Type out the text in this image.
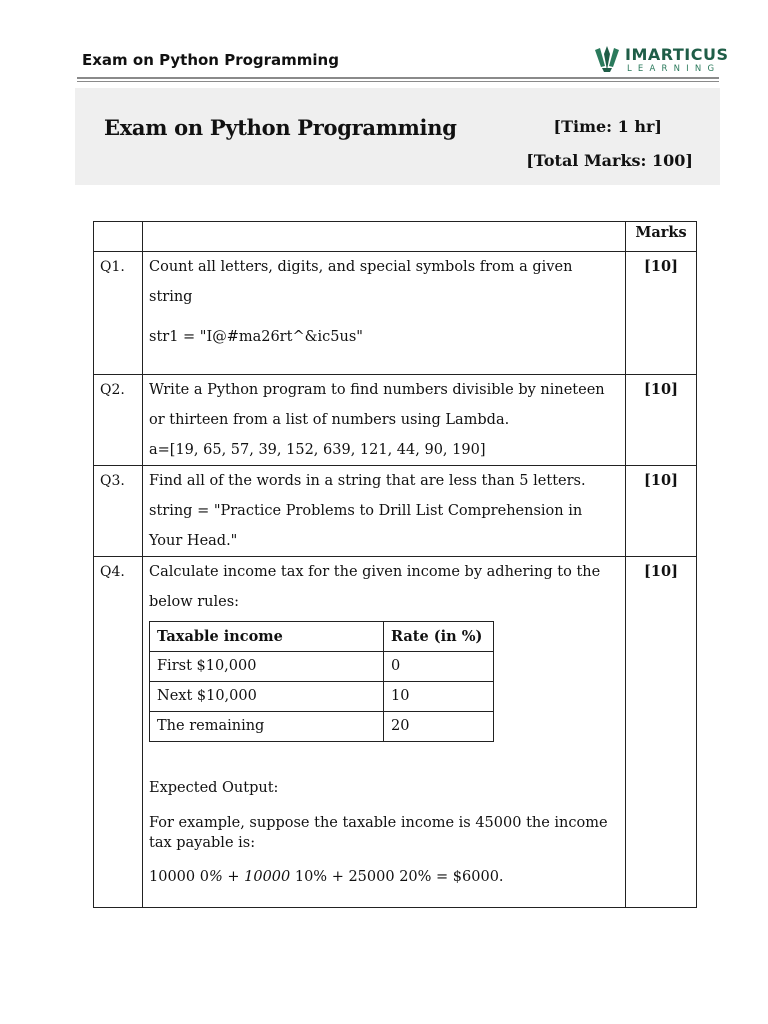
Exam on Python Programming	IMARTICUS
LEARNING
Exam on Python Programming	[Time: 1 hr]
[Total Marks: 100]
		Marks
Q1.	Count all letters, digits, and special symbols from a given string
str1 = "I@#ma26rt^&ic5us"
	[10]
Q2.	Write a Python program to find numbers divisible by nineteen or thirteen from a list of numbers using Lambda.
a=[19, 65, 57, 39, 152, 639, 121, 44, 90, 190]
	[10]
Q3.	Find all of the words in a string that are less than 5 letters.
string = "Practice Problems to Drill List Comprehension in Your Head."
	[10]
Q4.	Calculate income tax for the given income by adhering to the below rules:
Taxable income	Rate (in %)
First $10,000	0
Next $10,000	10
The remaining	20
Expected Output:
For example, suppose the taxable income is 45000 the income tax payable is:
10000 0% + 10000 10% + 25000 20% = $6000.
	[10]
